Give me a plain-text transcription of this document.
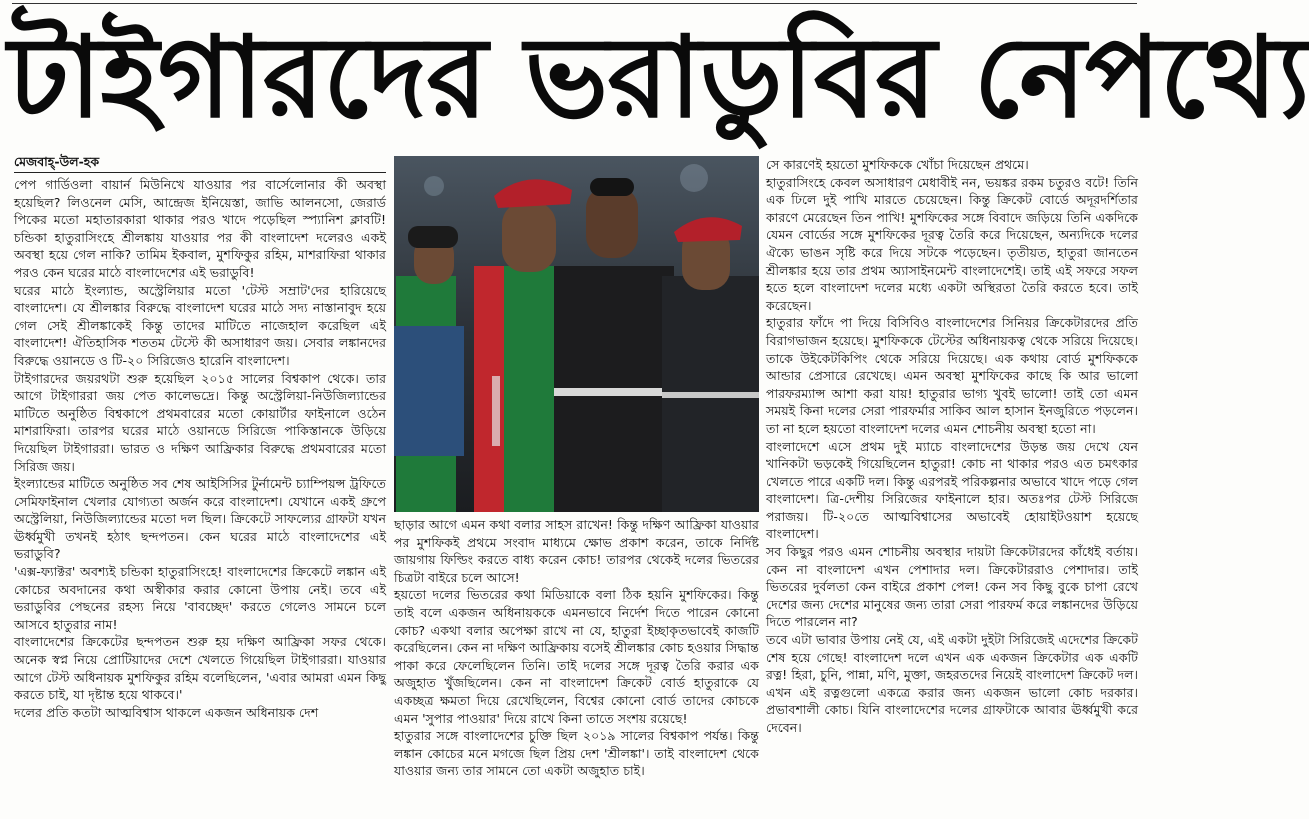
টাইগারদের ভরাডুবির নেপথ্যে
মেজবাহ্-উল-হক

পেপ গার্ডিওলা বায়ার্ন মিউনিখে যাওয়ার পর বার্সেলোনার কী অবস্থা হয়েছিল? লিওনেল মেসি, আন্দ্রেজ ইনিয়েস্তা, জাভি আলনসো, জেরার্ড পিকের মতো মহাতারকারা থাকার পরও খাদে পড়েছিল স্প্যানিশ ক্লাবটি! চন্ডিকা হাতুরাসিংহে শ্রীলঙ্কায় যাওয়ার পর কী বাংলাদেশ দলেরও একই অবস্থা হয়ে গেল নাকি? তামিম ইকবাল, মুশফিকুর রহিম, মাশরাফিরা থাকার পরও কেন ঘরের মাঠে বাংলাদেশের এই ভরাডুবি!

ঘরের মাঠে ইংল্যান্ড, অস্ট্রেলিয়ার মতো 'টেস্ট সম্রাট'দের হারিয়েছে বাংলাদেশ। যে শ্রীলঙ্কার বিরুদ্ধে বাংলাদেশ ঘরের মাঠে সদ্য নাস্তানাবুদ হয়ে গেল সেই শ্রীলঙ্কাকেই কিন্তু তাদের মাটিতে নাজেহাল করেছিল এই বাংলাদেশ! ঐতিহাসিক শততম টেস্টে কী অসাধারণ জয়। সেবার লঙ্কানদের বিরুদ্ধে ওয়ানডে ও টি-২০ সিরিজেও হারেনি বাংলাদেশ।

টাইগারদের জয়রথটা শুরু হয়েছিল ২০১৫ সালের বিশ্বকাপ থেকে। তার আগে টাইগাররা জয় পেত কালেভদ্রে। কিন্তু অস্ট্রেলিয়া-নিউজিল্যান্ডের মাটিতে অনুষ্ঠিত বিশ্বকাপে প্রথমবারের মতো কোয়ার্টার ফাইনালে ওঠেন মাশরাফিরা। তারপর ঘরের মাঠে ওয়ানডে সিরিজে পাকিস্তানকে উড়িয়ে দিয়েছিল টাইগাররা। ভারত ও দক্ষিণ আফ্রিকার বিরুদ্ধে প্রথমবারের মতো সিরিজ জয়।

ইংল্যান্ডের মাটিতে অনুষ্ঠিত সব শেষ আইসিসির টুর্নামেন্ট চ্যাম্পিয়ন্স ট্রফিতে সেমিফাইনাল খেলার যোগ্যতা অর্জন করে বাংলাদেশ। যেখানে একই গ্রুপে অস্ট্রেলিয়া, নিউজিল্যান্ডের মতো দল ছিল। ক্রিকেটে সাফল্যের গ্রাফটা যখন ঊর্ধ্বমুখী তখনই হঠাৎ ছন্দপতন। কেন ঘরের মাঠে বাংলাদেশের এই ভরাডুবি?

'এক্স-ফ্যাক্টর' অবশ্যই চন্ডিকা হাতুরাসিংহে! বাংলাদেশের ক্রিকেটে লঙ্কান এই কোচের অবদানের কথা অস্বীকার করার কোনো উপায় নেই। তবে এই ভরাডুবির পেছনের রহস্য নিয়ে 'বাবচ্ছেদ' করতে গেলেও সামনে চলে আসবে হাতুরার নাম!

বাংলাদেশের ক্রিকেটের ছন্দপতন শুরু হয় দক্ষিণ আফ্রিকা সফর থেকে। অনেক স্বপ্ন নিয়ে প্রোটিয়াদের দেশে খেলতে গিয়েছিল টাইগাররা। যাওয়ার আগে টেস্ট অধিনায়ক মুশফিকুর রহিম বলেছিলেন, 'এবার আমরা এমন কিছু করতে চাই, যা দৃষ্টান্ত হয়ে থাকবে।'

দলের প্রতি কতটা আত্মবিশ্বাস থাকলে একজন অধিনায়ক দেশ

ছাড়ার আগে এমন কথা বলার সাহস রাখেন! কিন্তু দক্ষিণ আফ্রিকা যাওয়ার পর মুশফিকই প্রথমে সংবাদ মাধ্যমে ক্ষোভ প্রকাশ করেন, তাকে নির্দিষ্ট জায়গায় ফিল্ডিং করতে বাধ্য করেন কোচ! তারপর থেকেই দলের ভিতরের চিত্রটা বাইরে চলে আসে!

হয়তো দলের ভিতরের কথা মিডিয়াকে বলা ঠিক হয়নি মুশফিকের। কিন্তু তাই বলে একজন অধিনায়ককে এমনভাবে নির্দেশ দিতে পারেন কোনো কোচ? একথা বলার অপেক্ষা রাখে না যে, হাতুরা ইচ্ছাকৃতভাবেই কাজটি করেছিলেন। কেন না দক্ষিণ আফ্রিকায় বসেই শ্রীলঙ্কার কোচ হওয়ার সিদ্ধান্ত পাকা করে ফেলেছিলেন তিনি। তাই দলের সঙ্গে দূরত্ব তৈরি করার এক অজুহাত খুঁজছিলেন। কেন না বাংলাদেশ ক্রিকেট বোর্ড হাতুরাকে যে একচ্ছত্র ক্ষমতা দিয়ে রেখেছিলেন, বিশ্বের কোনো বোর্ড তাদের কোচকে এমন 'সুপার পাওয়ার' দিয়ে রাখে কিনা তাতে সংশয় রয়েছে!

হাতুরার সঙ্গে বাংলাদেশের চুক্তি ছিল ২০১৯ সালের বিশ্বকাপ পর্যন্ত। কিন্তু লঙ্কান কোচের মনে মগজে ছিল প্রিয় দেশ 'শ্রীলঙ্কা'। তাই বাংলাদেশ থেকে যাওয়ার জন্য তার সামনে তো একটা অজুহাত চাই।

সে কারণেই হয়তো মুশফিককে খোঁচা দিয়েছেন প্রথমে।

হাতুরাসিংহে কেবল অসাধারণ মেধাবীই নন, ভয়ঙ্কর রকম চতুরও বটে! তিনি এক ঢিলে দুই পাখি মারতে চেয়েছেন। কিন্তু ক্রিকেট বোর্ডে অদূরদর্শিতার কারণে মেরেছেন তিন পাখি! মুশফিকের সঙ্গে বিবাদে জড়িয়ে তিনি একদিকে যেমন বোর্ডের সঙ্গে মুশফিকের দূরত্ব তৈরি করে দিয়েছেন, অন্যদিকে দলের ঐক্যে ভাঙন সৃষ্টি করে দিয়ে সটকে পড়েছেন। তৃতীয়ত, হাতুরা জানতেন শ্রীলঙ্কার হয়ে তার প্রথম অ্যাসাইনমেন্ট বাংলাদেশেই। তাই এই সফরে সফল হতে হলে বাংলাদেশ দলের মধ্যে একটা অস্থিরতা তৈরি করতে হবে। তাই করেছেন।

হাতুরার ফাঁদে পা দিয়ে বিসিবিও বাংলাদেশের সিনিয়র ক্রিকেটারদের প্রতি বিরাগভাজন হয়েছে। মুশফিককে টেস্টের অধিনায়কত্ব থেকে সরিয়ে দিয়েছে। তাকে উইকেটকিপিং থেকে সরিয়ে দিয়েছে। এক কথায় বোর্ড মুশফিককে আন্ডার প্রেসারে রেখেছে। এমন অবস্থা মুশফিকের কাছে কি আর ভালো পারফরম্যান্স আশা করা যায়! হাতুরার ভাগ্য খুবই ভালো! তাই তো এমন সময়ই কিনা দলের সেরা পারফর্মার সাকিব আল হাসান ইনজুরিতে পড়লেন। তা না হলে হয়তো বাংলাদেশ দলের এমন শোচনীয় অবস্থা হতো না।

বাংলাদেশে এসে প্রথম দুই ম্যাচে বাংলাদেশের উড়ন্ত জয় দেখে যেন খানিকটা ভড়কেই গিয়েছিলেন হাতুরা! কোচ না থাকার পরও এত চমৎকার খেলতে পারে একটি দল। কিন্তু এরপরই পরিকল্পনার অভাবে খাদে পড়ে গেল বাংলাদেশ। ত্রি-দেশীয় সিরিজের ফাইনালে হার। অতঃপর টেস্ট সিরিজে পরাজয়। টি-২০তে আত্মবিশ্বাসের অভাবেই হোয়াইটওয়াশ হয়েছে বাংলাদেশ।

সব কিছুর পরও এমন শোচনীয় অবস্থার দায়টা ক্রিকেটারদের কাঁধেই বর্তায়। কেন না বাংলাদেশ এখন পেশাদার দল। ক্রিকেটাররাও পেশাদার। তাই ভিতরের দুর্বলতা কেন বাইরে প্রকাশ পেল! কেন সব কিছু বুকে চাপা রেখে দেশের জন্য দেশের মানুষের জন্য তারা সেরা পারফর্ম করে লঙ্কানদের উড়িয়ে দিতে পারলেন না?

তবে এটা ভাবার উপায় নেই যে, এই একটা দুইটা সিরিজেই এদেশের ক্রিকেট শেষ হয়ে গেছে! বাংলাদেশ দলে এখন এক একজন ক্রিকেটার এক একটি রত্ন! হিরা, চুনি, পান্না, মণি, মুক্তা, জহরতদের নিয়েই বাংলাদেশ ক্রিকেট দল। এখন এই রত্নগুলো একত্রে করার জন্য একজন ভালো কোচ দরকার। প্রভাবশালী কোচ। যিনি বাংলাদেশের দলের গ্রাফটাকে আবার ঊর্ধ্বমুখী করে দেবেন।
